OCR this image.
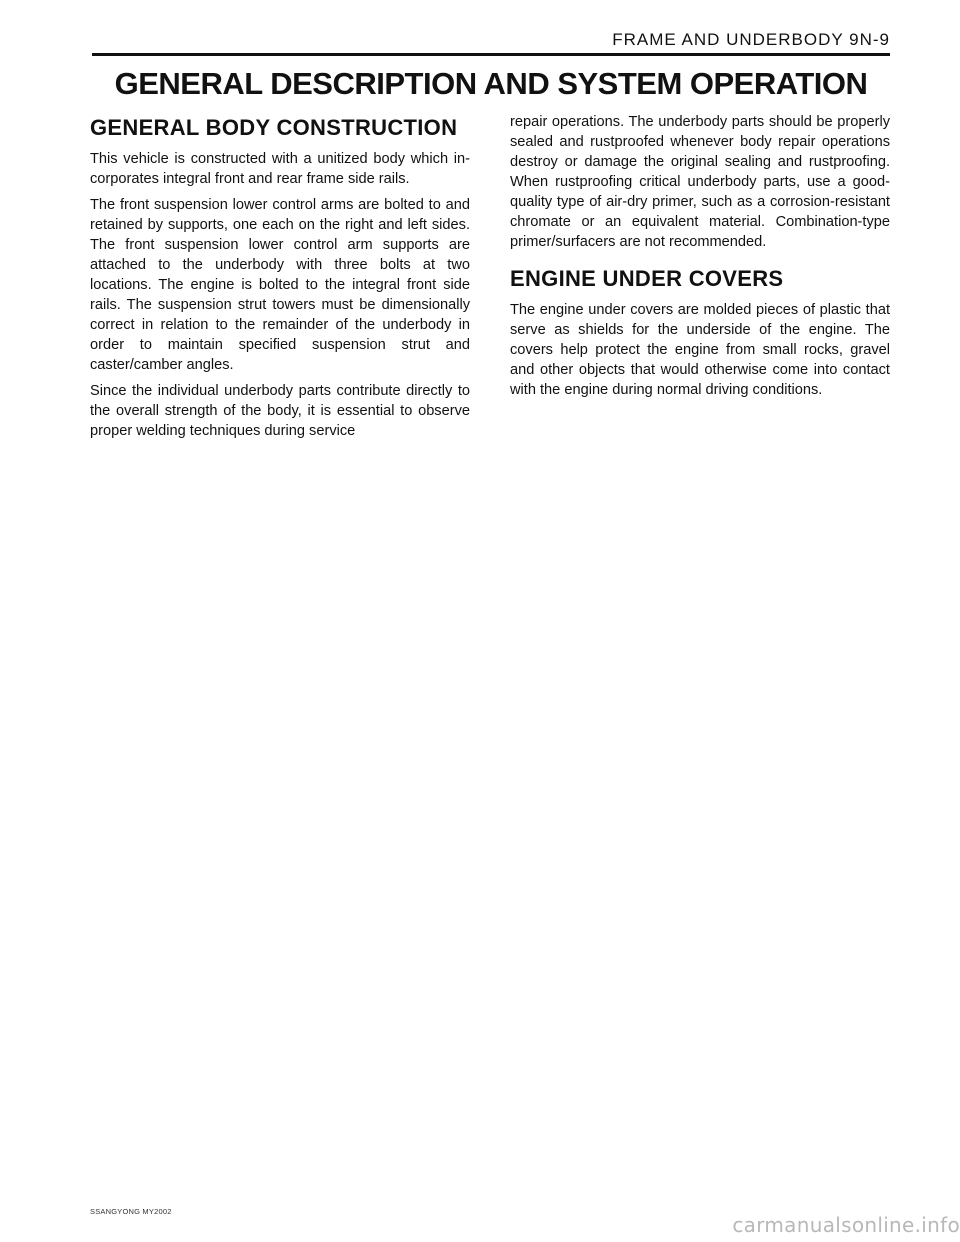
FRAME AND UNDERBODY 9N-9
GENERAL DESCRIPTION AND SYSTEM OPERATION
GENERAL BODY CONSTRUCTION

This vehicle is constructed with a unitized body which in-corporates integral front and rear frame side rails.

The front suspension lower control arms are bolted to and retained by supports, one each on the right and left sides. The front suspension lower control arm supports are attached to the underbody with three bolts at two locations. The engine is bolted to the integral front side rails. The suspension strut towers must be dimensionally correct in relation to the remainder of the underbody in order to maintain specified suspension strut and caster/camber angles.

Since the individual underbody parts contribute directly to the overall strength of the body, it is essential to observe proper welding techniques during service

repair operations. The underbody parts should be properly sealed and rustproofed whenever body repair operations destroy or damage the original sealing and rustproofing. When rustproofing critical underbody parts, use a good-quality type of air-dry primer, such as a corrosion-resistant chromate or an equivalent material. Combination-type primer/surfacers are not recommended.

ENGINE UNDER COVERS

The engine under covers are molded pieces of plastic that serve as shields for the underside of the engine. The covers help protect the engine from small rocks, gravel and other objects that would otherwise come into contact with the engine during normal driving conditions.

SSANGYONG MY2002
carmanualsonline.info
